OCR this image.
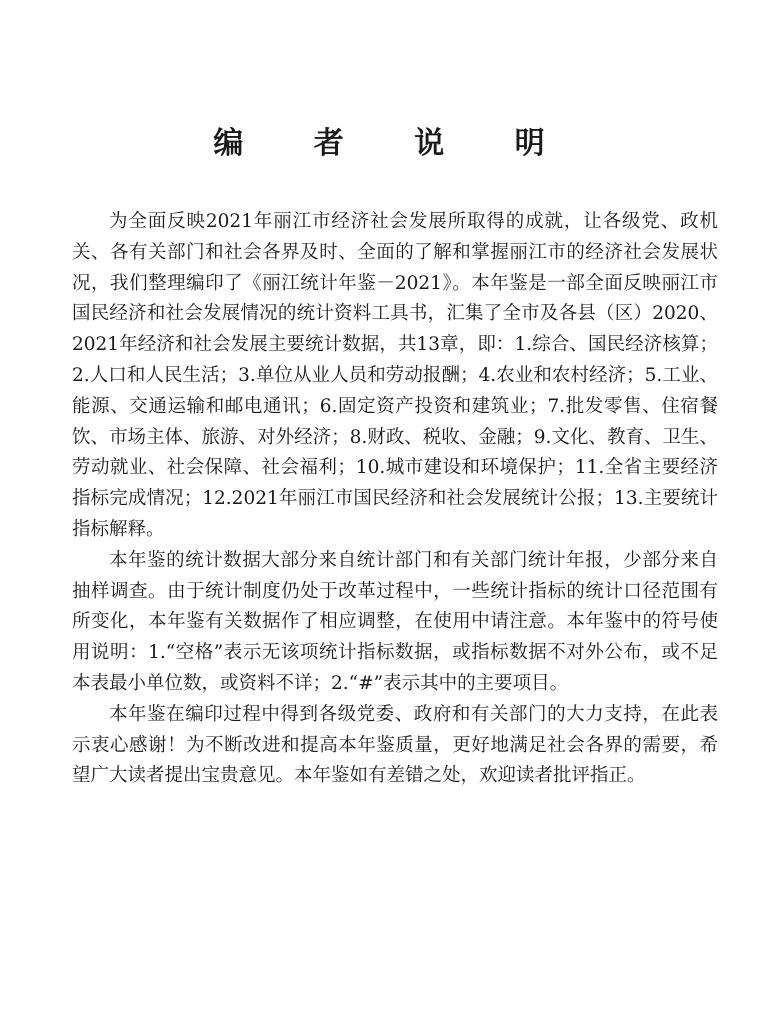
编 者 说 明

为全面反映2021年丽江市经济社会发展所取得的成就，让各级党、政机关、各有关部门和社会各界及时、全面的了解和掌握丽江市的经济社会发展状况，我们整理编印了《丽江统计年鉴－2021》。本年鉴是一部全面反映丽江市国民经济和社会发展情况的统计资料工具书，汇集了全市及各县（区）2020、2021年经济和社会发展主要统计数据，共13章，即：1.综合、国民经济核算；2.人口和人民生活；3.单位从业人员和劳动报酬；4.农业和农村经济；5.工业、能源、交通运输和邮电通讯；6.固定资产投资和建筑业；7.批发零售、住宿餐饮、市场主体、旅游、对外经济；8.财政、税收、金融；9.文化、教育、卫生、劳动就业、社会保障、社会福利；10.城市建设和环境保护；11.全省主要经济指标完成情况；12.2021年丽江市国民经济和社会发展统计公报；13.主要统计指标解释。

本年鉴的统计数据大部分来自统计部门和有关部门统计年报，少部分来自抽样调查。由于统计制度仍处于改革过程中，一些统计指标的统计口径范围有所变化，本年鉴有关数据作了相应调整，在使用中请注意。本年鉴中的符号使用说明：1.“空格”表示无该项统计指标数据，或指标数据不对外公布，或不足本表最小单位数，或资料不详；2.“#”表示其中的主要项目。

本年鉴在编印过程中得到各级党委、政府和有关部门的大力支持，在此表示衷心感谢！为不断改进和提高本年鉴质量，更好地满足社会各界的需要，希望广大读者提出宝贵意见。本年鉴如有差错之处，欢迎读者批评指正。
